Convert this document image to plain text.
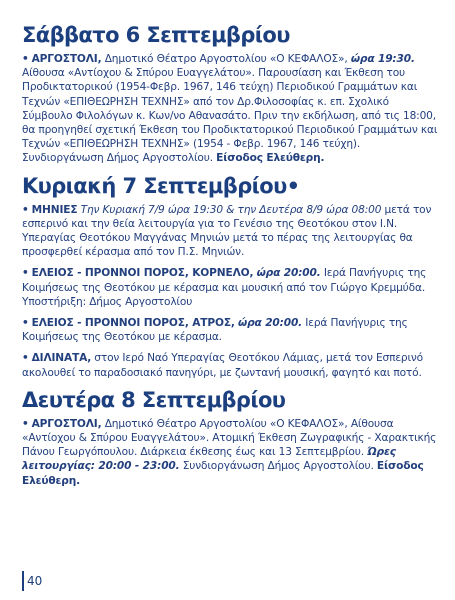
Σάββατο 6 Σεπτεμβρίου

• ΑΡΓΟΣΤΟΛΙ, Δημοτικό Θέατρο Αργοστολίου «Ο ΚΕΦΑΛΟΣ», ώρα 19:30. Αίθουσα «Αντίοχου & Σπύρου Ευαγγελάτου». Παρουσίαση και Έκθεση του Προδικτατορικού (1954-Φεβρ. 1967, 146 τεύχη) Περιοδικού Γραμμάτων και Τεχνών «ΕΠΙΘΕΩΡΗΣΗ ΤΕΧΝΗΣ» από τον Δρ.Φιλοσοφίας κ. επ. Σχολικό Σύμβουλο Φιλολόγων κ. Κων/νο Αθανασάτο. Πριν την εκδήλωση, από τις 18:00, θα προηγηθεί σχετική Έκθεση του Προδικτατορικού Περιοδικού Γραμμάτων και Τεχνών «ΕΠΙΘΕΩΡΗΣΗ ΤΕΧΝΗΣ» (1954 - Φεβρ. 1967, 146 τεύχη). Συνδιοργάνωση Δήμος Αργοστολίου. Είσοδος Ελεύθερη.

Κυριακή 7 Σεπτεμβρίου•

• ΜΗΝΙΕΣ Την Κυριακή 7/9 ώρα 19:30 & την Δευτέρα 8/9 ώρα 08:00 μετά τον εσπερινό και την θεία λειτουργία για το Γενέσιο της Θεοτόκου στον Ι.Ν. Υπεραγίας Θεοτόκου Μαγγάνας Μηνιών μετά το πέρας της λειτουργίας θα προσφερθεί κέρασμα από τον Π.Σ. Μηνιών.

• ΕΛΕΙΟΣ - ΠΡΟΝΝΟΙ ΠΟΡΟΣ, ΚΟΡΝΕΛΟ, ώρα 20:00. Ιερά Πανήγυρις της Κοιμήσεως της Θεοτόκου με κέρασμα και μουσική από τον Γιώργο Κρεμμύδα. Υποστήριξη: Δήμος Αργοστολίου

• ΕΛΕΙΟΣ - ΠΡΟΝΝΟΙ ΠΟΡΟΣ, ΑΤΡΟΣ, ώρα 20:00. Ιερά Πανήγυρις της Κοιμήσεως της Θεοτόκου με κέρασμα.

• ΔΙΛΙΝΑΤΑ, στον Ιερό Ναό Υπεραγίας Θεοτόκου Λάμιας, μετά τον Εσπερινό ακολουθεί το παραδοσιακό πανηγύρι, με ζωντανή μουσική, φαγητό και ποτό.

Δευτέρα 8 Σεπτεμβρίου

• ΑΡΓΟΣΤΟΛΙ, Δημοτικό Θέατρο Αργοστολίου «Ο ΚΕΦΑΛΟΣ», Αίθουσα «Αντίοχου & Σπύρου Ευαγγελάτου». Ατομική Έκθεση Ζωγραφικής - Χαρακτικής Πάνου Γεωργόπουλου. Διάρκεια έκθεσης έως και 13 Σεπτεμβρίου. Ώρες λειτουργίας: 20:00 - 23:00. Συνδιοργάνωση Δήμος Αργοστολίου. Είσοδος Ελεύθερη.

40
